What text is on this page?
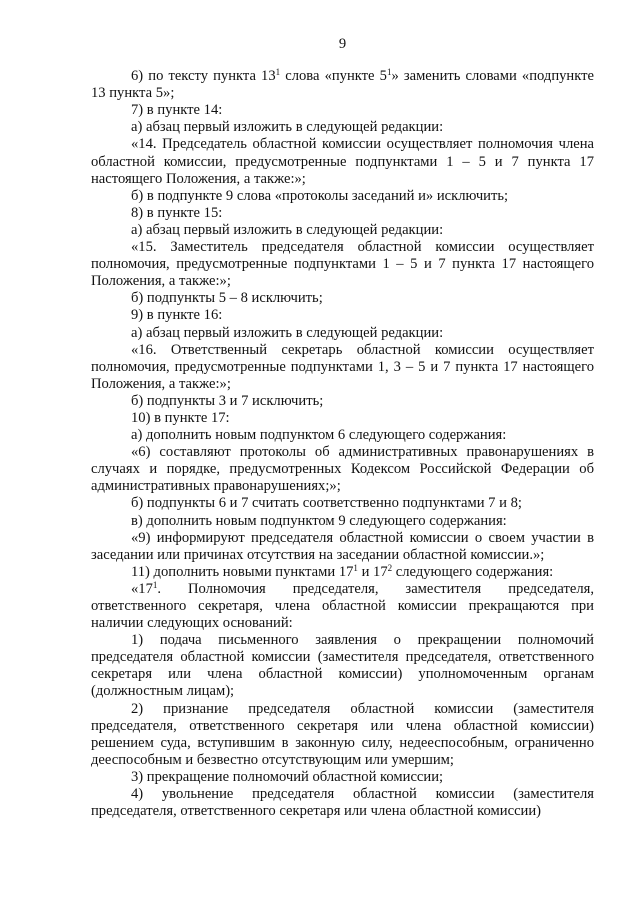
9

6) по тексту пункта $13^1$ слова «пункте $5^1$» заменить словами «подпункте 13 пункта 5»;

7) в пункте 14:

а) абзац первый изложить в следующей редакции:

«14. Председатель областной комиссии осуществляет полномочия члена областной комиссии, предусмотренные подпунктами 1 – 5 и 7 пункта 17 настоящего Положения, а также:»;

б) в подпункте 9 слова «протоколы заседаний и» исключить;

8) в пункте 15:

а) абзац первый изложить в следующей редакции:

«15. Заместитель председателя областной комиссии осуществляет полномочия, предусмотренные подпунктами 1 – 5 и 7 пункта 17 настоящего Положения, а также:»;

б) подпункты 5 – 8 исключить;

9) в пункте 16:

а) абзац первый изложить в следующей редакции:

«16. Ответственный секретарь областной комиссии осуществляет полномочия, предусмотренные подпунктами 1, 3 – 5 и 7 пункта 17 настоящего Положения, а также:»;

б) подпункты 3 и 7 исключить;

10) в пункте 17:

а) дополнить новым подпунктом 6 следующего содержания:

«6) составляют протоколы об административных правонарушениях в случаях и порядке, предусмотренных Кодексом Российской Федерации об административных правонарушениях;»;

б) подпункты 6 и 7 считать соответственно подпунктами 7 и 8;

в) дополнить новым подпунктом 9 следующего содержания:

«9) информируют председателя областной комиссии о своем участии в заседании или причинах отсутствия на заседании областной комиссии.»;

11) дополнить новыми пунктами $17^1$ и $17^2$ следующего содержания:

«$17^1$. Полномочия председателя, заместителя председателя, ответственного секретаря, члена областной комиссии прекращаются при наличии следующих оснований:

1) подача письменного заявления о прекращении полномочий председателя областной комиссии (заместителя председателя, ответственного секретаря или члена областной комиссии) уполномоченным органам (должностным лицам);

2) признание председателя областной комиссии (заместителя председателя, ответственного секретаря или члена областной комиссии) решением суда, вступившим в законную силу, недееспособным, ограниченно дееспособным и безвестно отсутствующим или умершим;

3) прекращение полномочий областной комиссии;

4) увольнение председателя областной комиссии (заместителя председателя, ответственного секретаря или члена областной комиссии)
